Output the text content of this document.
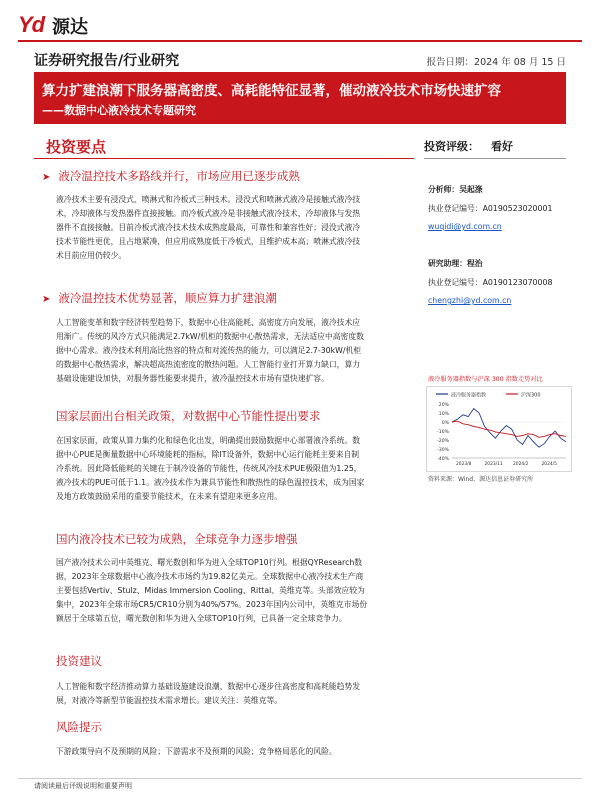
Yd 源达
证券研究报告/行业研究	报告日期：2024 年 08 月 15 日
算力扩建浪潮下服务器高密度、高耗能特征显著，催动液冷技术市场快速扩容
——数据中心液冷技术专题研究
投资要点	投资评级： 看好
➤ 液冷温控技术多路线并行，市场应用已逐步成熟
液冷技术主要有浸没式、喷淋式和冷板式三种技术。浸没式和喷淋式液冷是接触式液冷技
术，冷却液体与发热器件直接接触。而冷板式液冷是非接触式液冷技术，冷却液体与发热
器件不直接接触。目前冷板式液冷技术技术成熟度最高，可靠性和兼容性好；浸没式液冷
技术节能性更优，且占地紧凑，但应用成熟度低于冷板式，且维护成本高；喷淋式液冷技
术目前应用仍较少。
➤ 液冷温控技术优势显著，顺应算力扩建浪潮
人工智能变革和数字经济转型趋势下，数据中心往高能耗、高密度方向发展，液冷技术应
用渐广。传统的风冷方式只能满足2.7kW/机柜的数据中心散热需求，无法适应中高密度数
据中心需求。液冷技术利用高比热容的特点和对流传热的能力，可以满足2.7-30kW/机柜
的数据中心散热需求，解决超高热流密度的散热问题。人工智能行业打开算力缺口，算力
基础设施建设加快，对服务器性能要求提升，液冷温控技术市场有望快速扩容。
国家层面出台相关政策，对数据中心节能性提出要求
在国家层面，政策从算力集约化和绿色化出发，明确提出鼓励数据中心部署液冷系统。数
据中心PUE是衡量数据中心环境能耗的指标，除IT设备外，数据中心运行能耗主要来自制
冷系统。因此降低能耗的关键在于制冷设备的节能性，传统风冷技术PUE极限值为1.25，
液冷技术的PUE可低于1.1。液冷技术作为兼具节能性和散热性的绿色温控技术，成为国家
及地方政策鼓励采用的重要节能技术，在未来有望迎来更多应用。
国内液冷技术已较为成熟，全球竞争力逐步增强
国产液冷技术公司中英维克、曙光数创和华为进入全球TOP10行列。根据QYResearch数
据，2023年全球数据中心液冷技术市场约为19.82亿美元。全球数据中心液冷技术生产商
主要包括Vertiv、Stulz、Midas Immersion Cooling、Rittal、英维克等。头部效应较为
集中，2023年全球市场CR5/CR10分别为40%/57%。2023年国内公司中，英维克市场份
额居于全球第五位，曙光数创和华为进入全球TOP10行列，已具备一定全球竞争力。
投资建议
人工智能和数字经济推动算力基础设施建设浪潮，数据中心逐步往高密度和高耗能趋势发
展，对液冷等新型节能温控技术需求增长。建议关注：英维克等。
风险提示
下游政策导向不及预期的风险；下游需求不及预期的风险；竞争格局恶化的风险。
分析师：吴起涤
执业登记编号：A0190523020001
wuqidi@yd.com.cn
研究助理：程治
执业登记编号：A0190123070008
chengzhi@yd.com.cn
液冷服务器指数与沪深 300 指数走势对比
液冷服务器指数	沪深300
20%
10%
0%
-10%
-20%
-30%
-40%
2023/8	2023/11 2024/2	2024/5
资料来源：Wind，源达信息证券研究所
请阅读最后评级说明和重要声明
